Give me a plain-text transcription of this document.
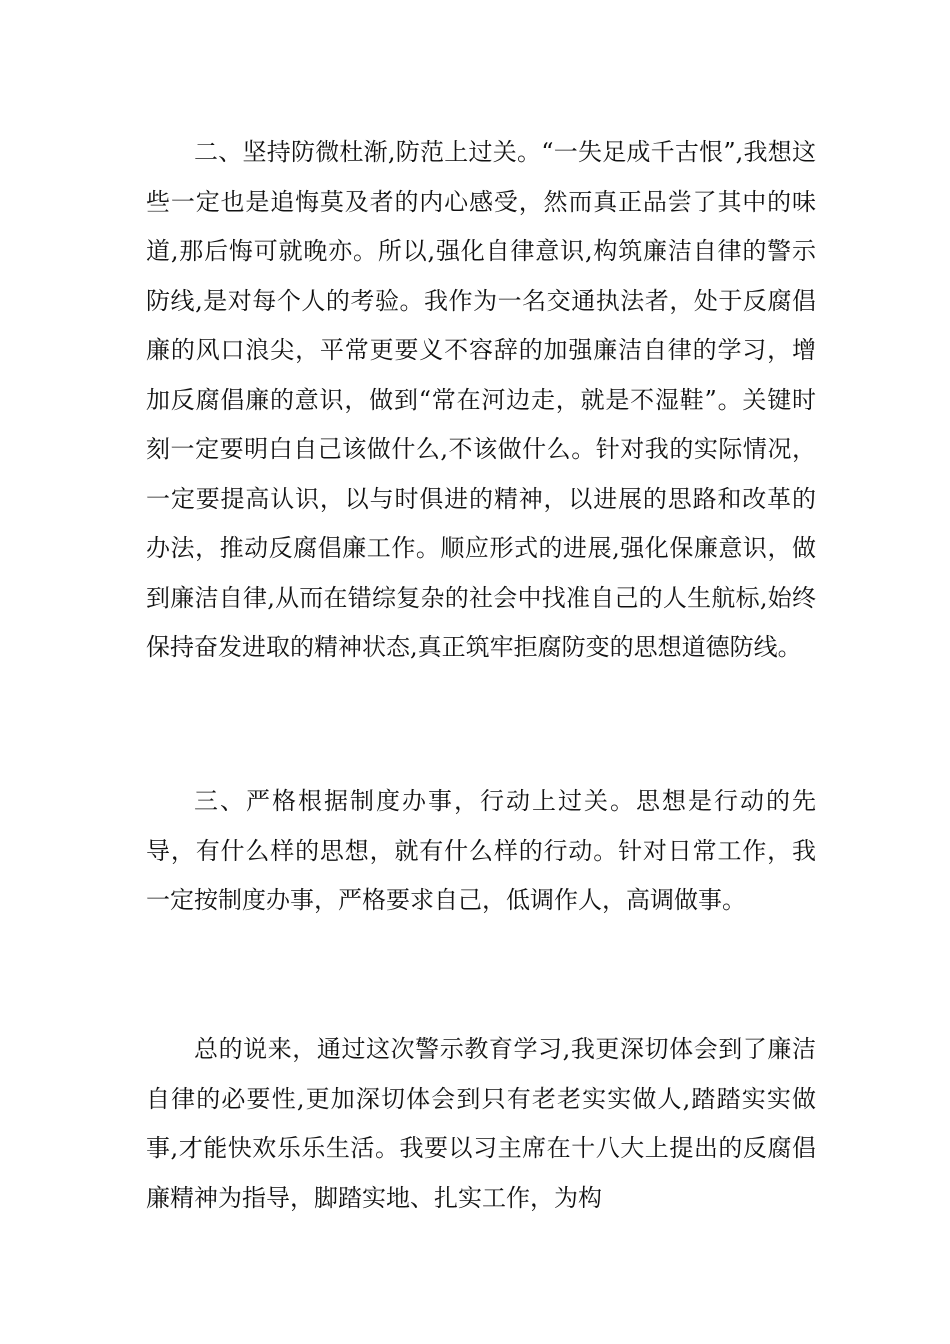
二、坚持防微杜渐,防范上过关。“一失足成千古恨”,我想这些一定也是追悔莫及者的内心感受，然而真正品尝了其中的味道,那后悔可就晚亦。所以,强化自律意识,构筑廉洁自律的警示防线,是对每个人的考验。我作为一名交通执法者，处于反腐倡廉的风口浪尖，平常更要义不容辞的加强廉洁自律的学习，增加反腐倡廉的意识，做到“常在河边走，就是不湿鞋”。关键时刻一定要明白自己该做什么,不该做什么。针对我的实际情况，一定要提高认识，以与时俱进的精神，以进展的思路和改革的办法，推动反腐倡廉工作。顺应形式的进展,强化保廉意识，做到廉洁自律,从而在错综复杂的社会中找准自己的人生航标,始终保持奋发进取的精神状态,真正筑牢拒腐防变的思想道德防线。

三、严格根据制度办事，行动上过关。思想是行动的先导，有什么样的思想，就有什么样的行动。针对日常工作，我一定按制度办事，严格要求自己，低调作人，高调做事。

总的说来，通过这次警示教育学习,我更深切体会到了廉洁自律的必要性,更加深切体会到只有老老实实做人,踏踏实实做事,才能快欢乐乐生活。我要以习主席在十八大上提出的反腐倡廉精神为指导，脚踏实地、扎实工作，为构
